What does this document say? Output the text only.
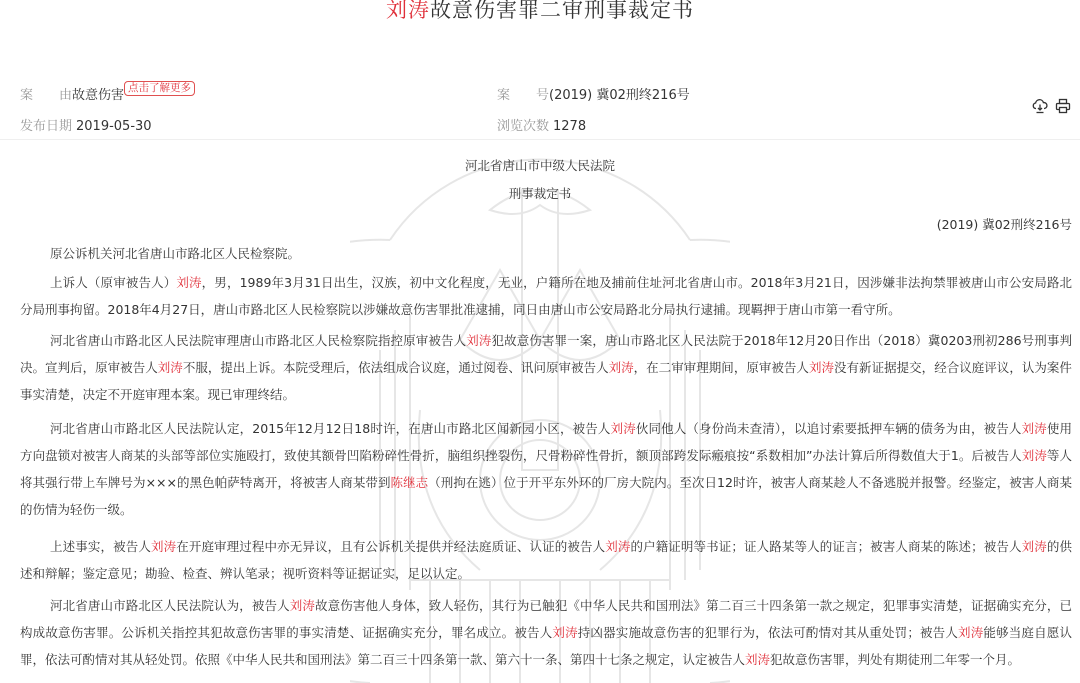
刘涛故意伤害罪二审刑事裁定书
案 由故意伤害 点击了解更多
发布日期 2019-05-30
案 号(2019) 冀02刑终216号
浏览次数 1278
河北省唐山市中级人民法院
刑事裁定书
(2019) 冀02刑终216号

原公诉机关河北省唐山市路北区人民检察院。

上诉人（原审被告人）刘涛，男，1989年3月31日出生，汉族，初中文化程度，无业，户籍所在地及捕前住址河北省唐山市。2018年3月21日，因涉嫌非法拘禁罪被唐山市公安局路北分局刑事拘留。2018年4月27日，唐山市路北区人民检察院以涉嫌故意伤害罪批准逮捕，同日由唐山市公安局路北分局执行逮捕。现羁押于唐山市第一看守所。

河北省唐山市路北区人民法院审理唐山市路北区人民检察院指控原审被告人刘涛犯故意伤害罪一案，唐山市路北区人民法院于2018年12月20日作出（2018）冀0203刑初286号刑事判决。宣判后，原审被告人刘涛不服，提出上诉。本院受理后，依法组成合议庭，通过阅卷、讯问原审被告人刘涛，在二审审理期间，原审被告人刘涛没有新证据提交，经合议庭评议，认为案件事实清楚，决定不开庭审理本案。现已审理终结。

河北省唐山市路北区人民法院认定，2015年12月12日18时许，在唐山市路北区闻新园小区，被告人刘涛伙同他人（身份尚未查清），以追讨索要抵押车辆的债务为由，被告人刘涛使用方向盘锁对被害人商某的头部等部位实施殴打，致使其额骨凹陷粉碎性骨折，脑组织挫裂伤，尺骨粉碎性骨折，额顶部跨发际瘢痕按“系数相加”办法计算后所得数值大于1。后被告人刘涛等人将其强行带上车牌号为×××的黑色帕萨特离开，将被害人商某带到陈继志（刑拘在逃）位于开平东外环的厂房大院内。至次日12时许，被害人商某趁人不备逃脱并报警。经鉴定，被害人商某的伤情为轻伤一级。

上述事实，被告人刘涛在开庭审理过程中亦无异议，且有公诉机关提供并经法庭质证、认证的被告人刘涛的户籍证明等书证；证人路某等人的证言；被害人商某的陈述；被告人刘涛的供述和辩解；鉴定意见；勘验、检查、辨认笔录；视听资料等证据证实，足以认定。

河北省唐山市路北区人民法院认为，被告人刘涛故意伤害他人身体，致人轻伤，其行为已触犯《中华人民共和国刑法》第二百三十四条第一款之规定，犯罪事实清楚，证据确实充分，已构成故意伤害罪。公诉机关指控其犯故意伤害罪的事实清楚、证据确实充分，罪名成立。被告人刘涛持凶器实施故意伤害的犯罪行为，依法可酌情对其从重处罚；被告人刘涛能够当庭自愿认罪，依法可酌情对其从轻处罚。依照《中华人民共和国刑法》第二百三十四条第一款、第六十一条、第四十七条之规定，认定被告人刘涛犯故意伤害罪，判处有期徒刑二年零一个月。
